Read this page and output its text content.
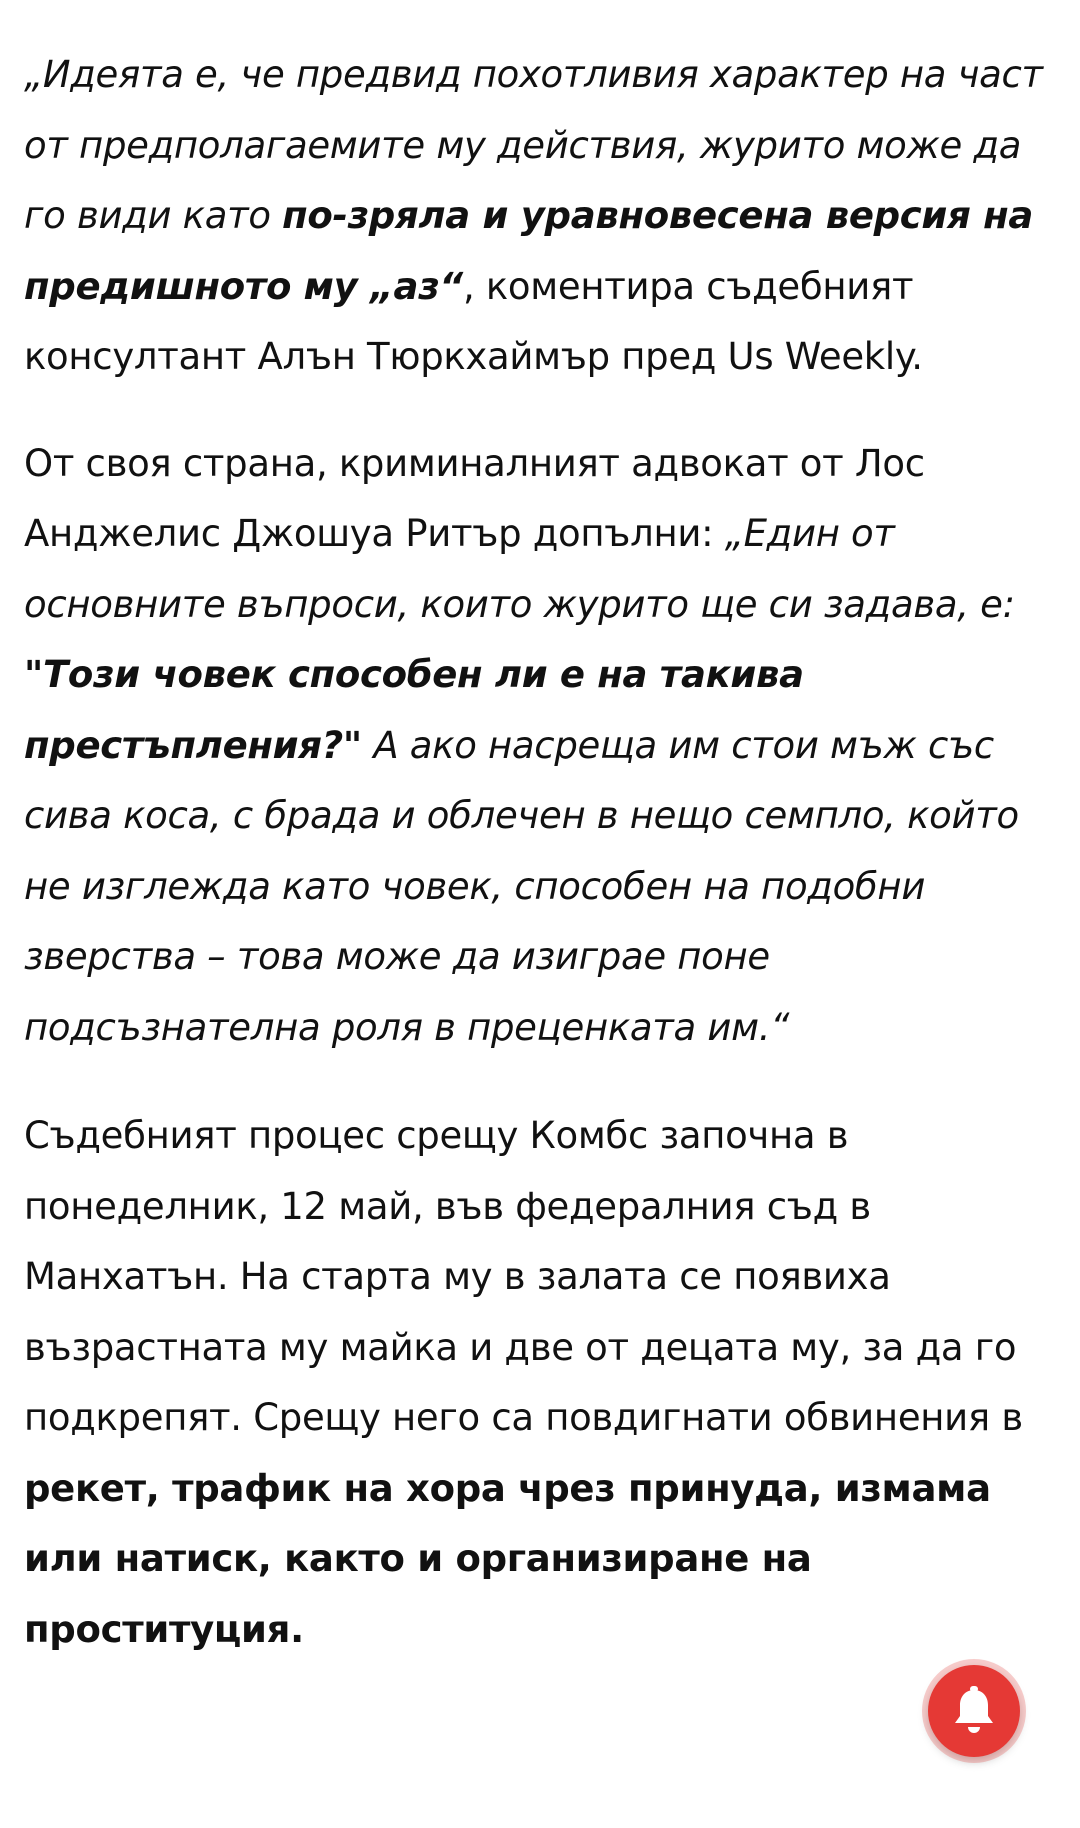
„Идеята е, че предвид похотливия характер на част от предполагаемите му действия, журито може да го види като по-зряла и уравновесена версия на предишното му „аз“, коментира съдебният консултант Алън Тюркхаймър пред Us Weekly.

От своя страна, криминалният адвокат от Лос Анджелис Джошуа Ритър допълни: „Един от основните въпроси, които журито ще си задава, е: "Този човек способен ли е на такива престъпления?" А ако насреща им стои мъж със сива коса, с брада и облечен в нещо семпло, който не изглежда като човек, способен на подобни зверства – това може да изиграе поне подсъзнателна роля в преценката им.“

Съдебният процес срещу Комбс започна в понеделник, 12 май, във федералния съд в Манхатън. На старта му в залата се появиха възрастната му майка и две от децата му, за да го подкрепят. Срещу него са повдигнати обвинения в рекет, трафик на хора чрез принуда, измама или натиск, както и организиране на проституция.
